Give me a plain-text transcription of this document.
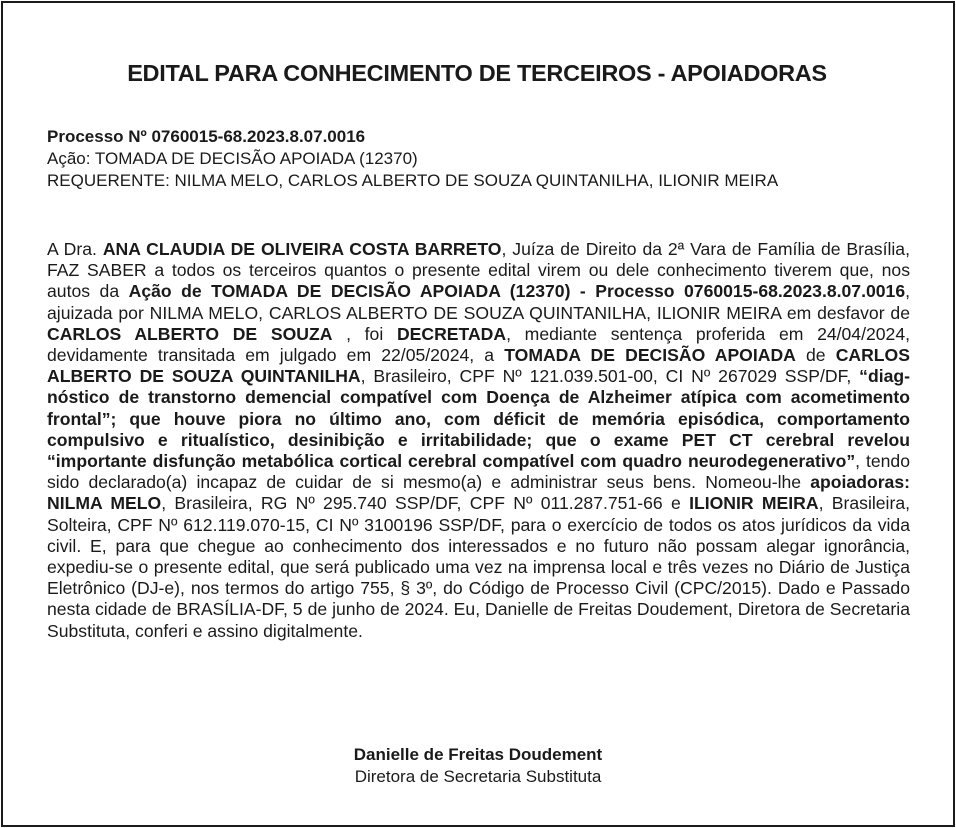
EDITAL PARA CONHECIMENTO DE TERCEIROS - APOIADORAS
Processo Nº 0760015-68.2023.8.07.0016
Ação: TOMADA DE DECISÃO APOIADA (12370)
REQUERENTE: NILMA MELO, CARLOS ALBERTO DE SOUZA QUINTANILHA, ILIONIR MEIRA
A Dra. ANA CLAUDIA DE OLIVEIRA COSTA BARRETO, Juíza de Direito da 2ª Vara de Família de Brasília, FAZ SABER a todos os terceiros quantos o presente edital virem ou dele conhecimento tiverem que, nos autos da Ação de TOMADA DE DECISÃO APOIADA (12370) - Processo 0760015-68.2023.8.07.0016, ajuizada por NILMA MELO, CARLOS ALBERTO DE SOUZA QUINTANILHA, ILIONIR MEIRA em desfavor de CARLOS ALBERTO DE SOUZA , foi DECRETADA, mediante sentença proferida em 24/04/2024, devidamente transitada em julgado em 22/05/2024, a TOMADA DE DECISÃO APOIADA de CARLOS ALBERTO DE SOUZA QUINTANILHA, Brasileiro, CPF Nº 121.039.501-00, CI Nº 267029 SSP/DF, “diagnóstico de transtorno demencial compatível com Doença de Alzheimer atípica com acometimento frontal”; que houve piora no último ano, com déficit de memória episódica, comportamento compulsivo e ritualístico, desinibição e irritabilidade; que o exame PET CT cerebral revelou “importante disfunção metabólica cortical cerebral compatível com quadro neurodegenerativo”, tendo sido declarado(a) incapaz de cuidar de si mesmo(a) e administrar seus bens. Nomeou-lhe apoiadoras: NILMA MELO, Brasileira, RG Nº 295.740 SSP/DF, CPF Nº 011.287.751-66 e ILIONIR MEIRA, Brasileira, Solteira, CPF Nº 612.119.070-15, CI Nº 3100196 SSP/DF, para o exercício de todos os atos jurídicos da vida civil. E, para que chegue ao conhecimento dos interessados e no futuro não possam alegar ignorância, expediu-se o presente edital, que será publicado uma vez na imprensa local e três vezes no Diário de Justiça Eletrônico (DJ-e), nos termos do artigo 755, § 3º, do Código de Processo Civil (CPC/2015). Dado e Passado nesta cidade de BRASÍLIA-DF, 5 de junho de 2024. Eu, Danielle de Freitas Doudement, Diretora de Secretaria Substituta, conferi e assino digitalmente.
Danielle de Freitas Doudement
Diretora de Secretaria Substituta
